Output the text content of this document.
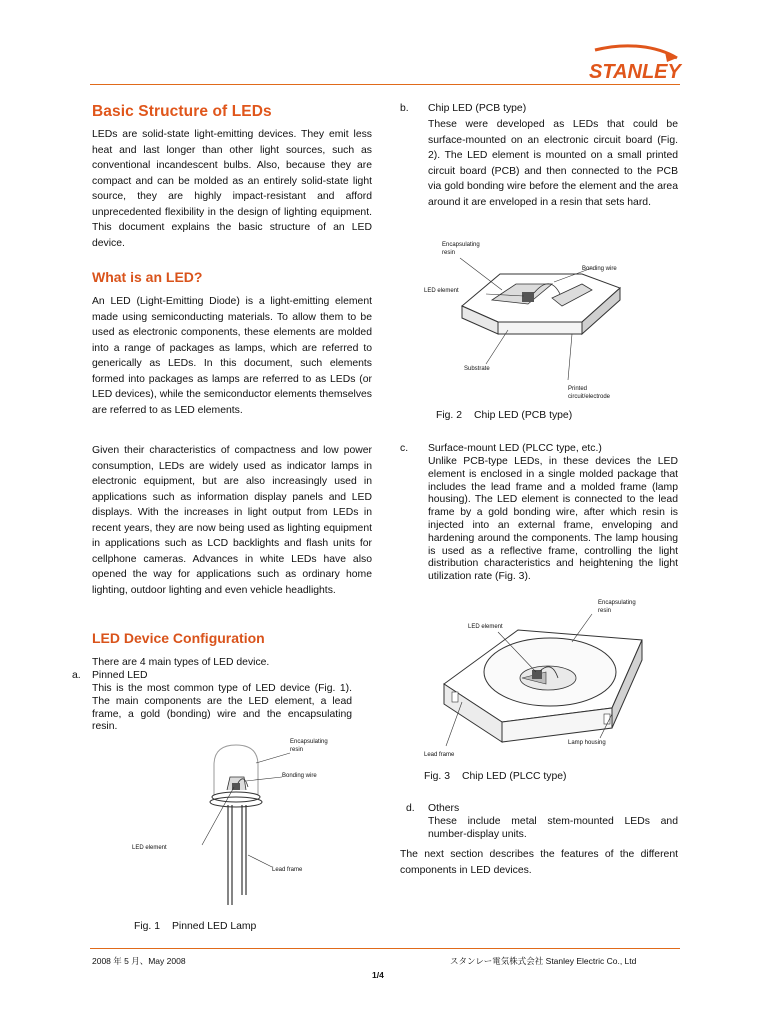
STANLEY
Basic Structure of LEDs

LEDs are solid-state light-emitting devices. They emit less heat and last longer than other light sources, such as conventional incandescent bulbs. Also, because they are compact and can be molded as an entirely solid-state light source, they are highly impact-resistant and afford unprecedented flexibility in the design of lighting equipment. This document explains the basic structure of an LED device.

What is an LED?

An LED (Light-Emitting Diode) is a light-emitting element made using semiconducting materials. To allow them to be used as electronic components, these elements are molded into a range of packages as lamps, which are referred to generically as LEDs. In this document, such elements formed into packages as lamps are referred to as LEDs (or LED devices), while the semiconductor elements themselves are referred to as LED elements.

Given their characteristics of compactness and low power consumption, LEDs are widely used as indicator lamps in electronic equipment, but are also increasingly used in applications such as information display panels and LED displays. With the increases in light output from LEDs in recent years, they are now being used as lighting equipment in applications such as LCD backlights and flash units for cellphone cameras. Advances in white LEDs have also opened the way for applications such as ordinary home lighting, outdoor lighting and even vehicle headlights.

LED Device Configuration

There are 4 main types of LED device.

a. Pinned LED

This is the most common type of LED device (Fig. 1). The main components are the LED element, a lead frame, a gold (bonding) wire and the encapsulating resin.

Encapsulating
resin
Bonding wire
LED element
Lead frame
Fig. 1 Pinned LED Lamp
b. Chip LED (PCB type)

These were developed as LEDs that could be surface-mounted on an electronic circuit board (Fig. 2). The LED element is mounted on a small printed circuit board (PCB) and then connected to the PCB via gold bonding wire before the element and the area around it are enveloped in a resin that sets hard.

Encapsulating
resin
Bonding wire
LED element
Substrate
Printed
circuit/electrode
Fig. 2 Chip LED (PCB type)
c. Surface-mount LED (PLCC type, etc.)

Unlike PCB-type LEDs, in these devices the LED element is enclosed in a single molded package that includes the lead frame and a molded frame (lamp housing). The LED element is connected to the lead frame by a gold bonding wire, after which resin is injected into an external frame, enveloping and hardening around the components. The lamp housing is used as a reflective frame, controlling the light distribution characteristics and heightening the light utilization rate (Fig. 3).

Encapsulating
resin
LED element
Lead frame
Lamp housing
Fig. 3 Chip LED (PLCC type)
d. Others

These include metal stem-mounted LEDs and number-display units.

The next section describes the features of the different components in LED devices.

2008 年 5 月、May 2008	スタンレー電気株式会社 Stanley Electric Co., Ltd
1/4
